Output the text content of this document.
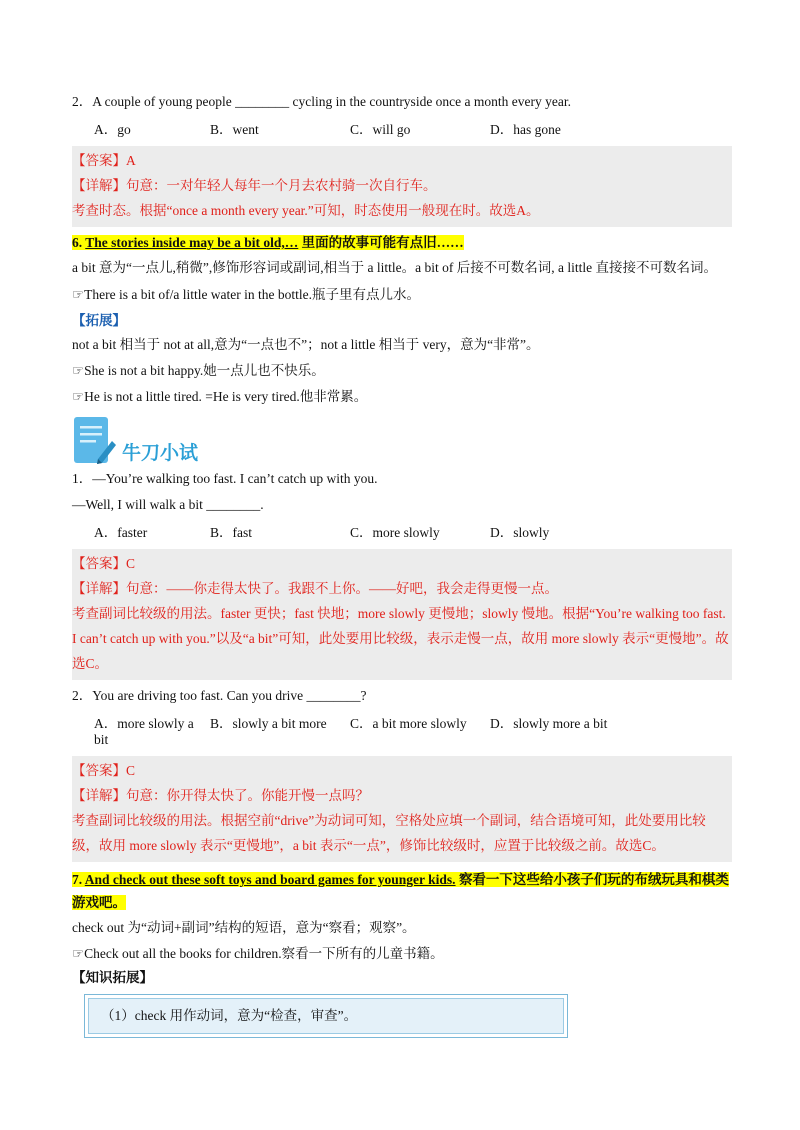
2．A couple of young people ________ cycling in the countryside once a month every year.

A．go	B．went	C．will go	D．has gone

【答案】A

【详解】句意：一对年轻人每年一个月去农村骑一次自行车。

考查时态。根据“once a month every year.”可知，时态使用一般现在时。故选A。

6. The stories inside may be a bit old,… 里面的故事可能有点旧……

a bit 意为“一点儿,稍微”,修饰形容词或副词,相当于 a little。a bit of 后接不可数名词, a little 直接接不可数名词。

☞There is a bit of/a little water in the bottle.瓶子里有点儿水。

【拓展】

not a bit 相当于 not at all,意为“一点也不”；not a little 相当于 very，意为“非常”。

☞She is not a bit happy.她一点儿也不快乐。

☞He is not a little tired. =He is very tired.他非常累。

牛刀小试

1．—You’re walking too fast. I can’t catch up with you.

—Well, I will walk a bit ________.

A．faster	B．fast	C．more slowly	D．slowly

【答案】C

【详解】句意：——你走得太快了。我跟不上你。——好吧，我会走得更慢一点。

考查副词比较级的用法。faster 更快；fast 快地；more slowly 更慢地；slowly 慢地。根据“You’re walking too fast. I can’t catch up with you.”以及“a bit”可知，此处要用比较级，表示走慢一点，故用 more slowly 表示“更慢地”。故选C。

2．You are driving too fast. Can you drive ________?

A．more slowly a bit
B．slowly a bit more	C．a bit more slowly	D．slowly more a bit

【答案】C

【详解】句意：你开得太快了。你能开慢一点吗？

考查副词比较级的用法。根据空前“drive”为动词可知，空格处应填一个副词，结合语境可知，此处要用比较级，故用 more slowly 表示“更慢地”，a bit 表示“一点”，修饰比较级时，应置于比较级之前。故选C。

7. And check out these soft toys and board games for younger kids. 察看一下这些给小孩子们玩的布绒玩具和棋类游戏吧。

check out 为“动词+副词”结构的短语，意为“察看；观察”。

☞Check out all the books for children.察看一下所有的儿童书籍。

【知识拓展】

（1）check 用作动词，意为“检查，审查”。
